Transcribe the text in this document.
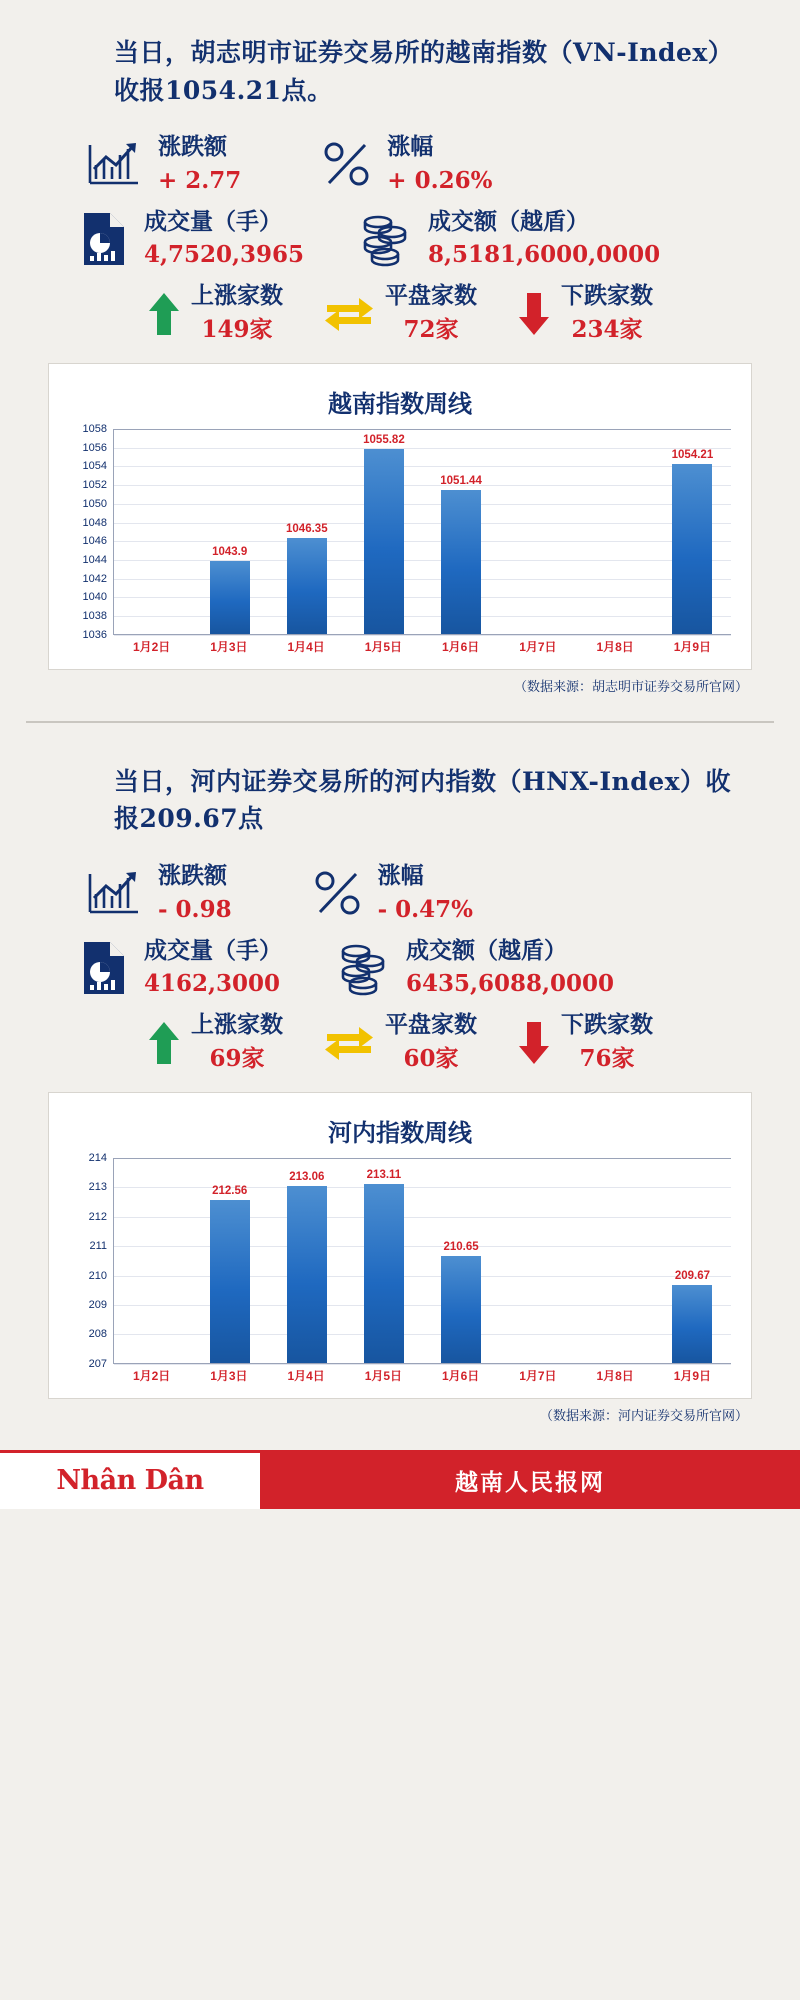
当日，胡志明市证券交易所的越南指数（VN-Index）收报1054.21点。
涨跌额
+ 2.77
涨幅
+ 0.26%
成交量（手）
4,7520,3965
成交额（越盾）
8,5181,6000,0000
上涨家数
149家
平盘家数
72家
下跌家数
234家
越南指数周线
1058
1056
1054
1052
1050
1048
1046
1044
1042
1040
1038
1036
1043.9
1046.35
1055.82
1051.44
1054.21
1月2日	1月3日	1月4日	1月5日	1月6日	1月7日	1月8日	1月9日
（数据来源：胡志明市证券交易所官网）
当日，河内证券交易所的河内指数（HNX-Index）收报209.67点
涨跌额
- 0.98
涨幅
- 0.47%
成交量（手）
4162,3000
成交额（越盾）
6435,6088,0000
上涨家数
69家
平盘家数
60家
下跌家数
76家
河内指数周线
214
213
212
211
210
209
208
207
212.56
213.06	213.11
210.65
209.67
1月2日	1月3日	1月4日	1月5日	1月6日	1月7日	1月8日	1月9日
（数据来源：河内证券交易所官网）
Nhân Dân	越南人民报网
